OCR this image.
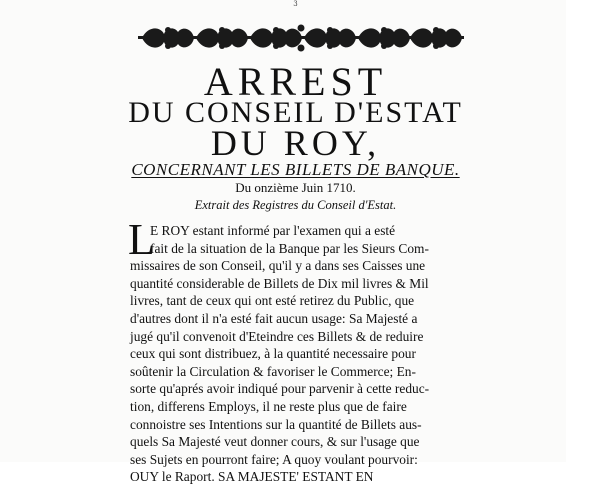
3
ARREST
DU CONSEIL D'ESTAT
DU ROY,
CONCERNANT LES BILLETS DE BANQUE.
Du onzième Juin 1710.
Extrait des Registres du Conseil d'Estat.
L
E ROY estant informé par l'examen qui a esté
fait de la situation de la Banque par les Sieurs Com-
missaires de son Conseil, qu'il y a dans ses Caisses une
quantité considerable de Billets de Dix mil livres & Mil
livres, tant de ceux qui ont esté retirez du Public, que
d'autres dont il n'a esté fait aucun usage: Sa Majesté a
jugé qu'il convenoit d'Eteindre ces Billets & de reduire
ceux qui sont distribuez, à la quantité necessaire pour
soûtenir la Circulation & favoriser le Commerce; En-
sorte qu'aprés avoir indiqué pour parvenir à cette reduc-
tion, differens Employs, il ne reste plus que de faire
connoistre ses Intentions sur la quantité de Billets aus-
quels Sa Majesté veut donner cours, & sur l'usage que
ses Sujets en pourront faire; A quoy voulant pourvoir:
OUY le Raport. SA MAJESTE' ESTANT EN
